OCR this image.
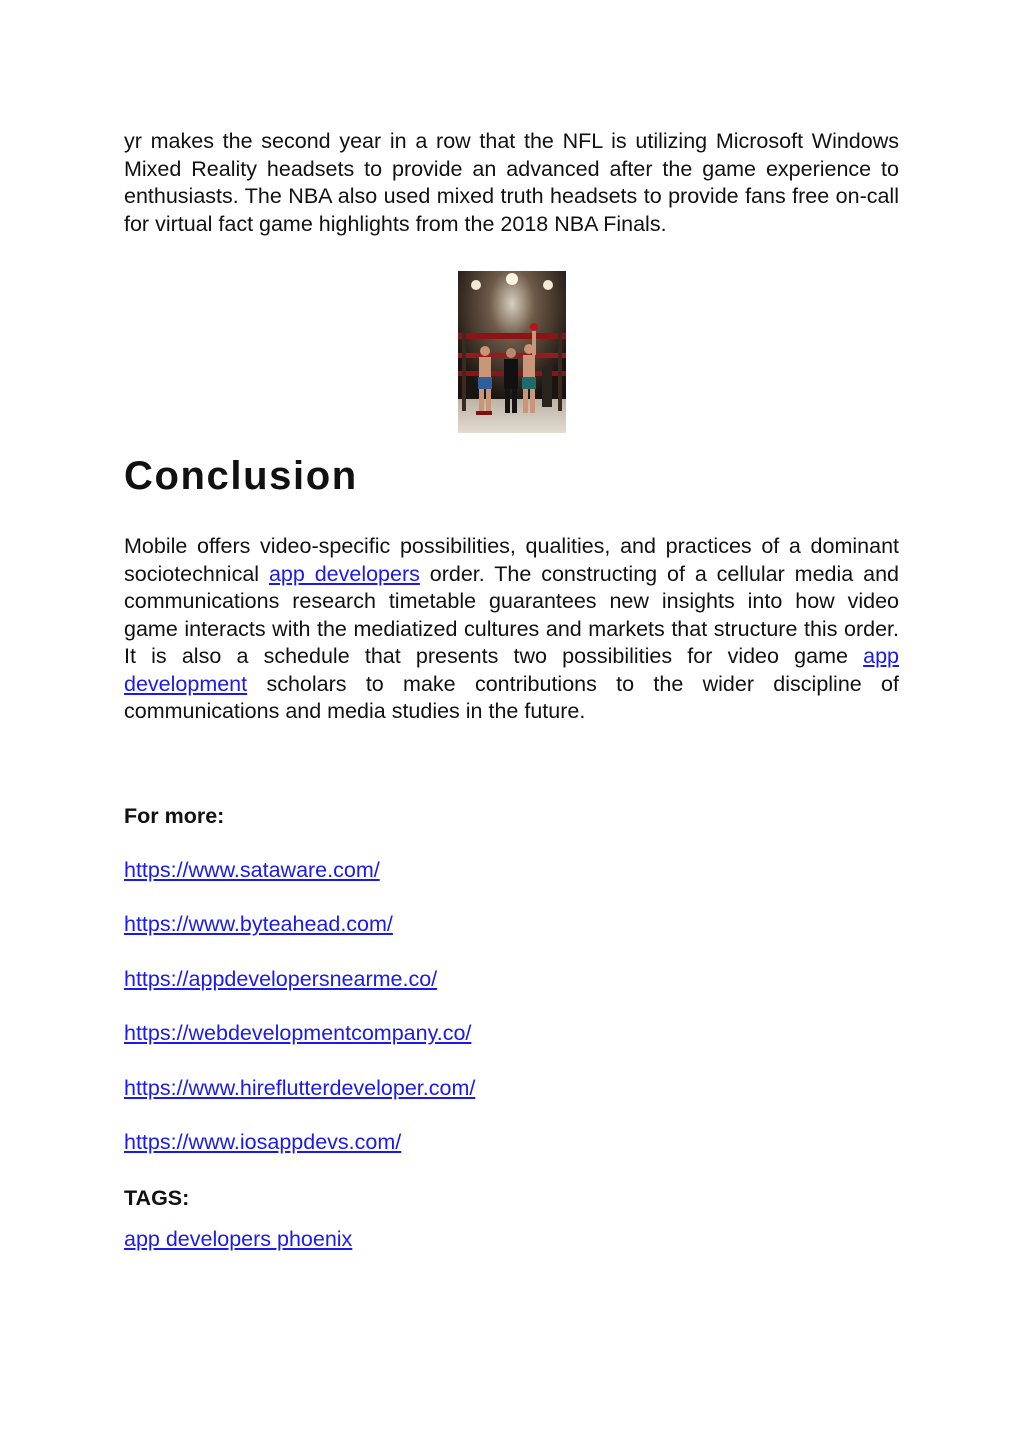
yr makes the second year in a row that the NFL is utilizing Microsoft Windows Mixed Reality headsets to provide an advanced after the game experience to enthusiasts. The NBA also used mixed truth headsets to provide fans free on-call for virtual fact game highlights from the 2018 NBA Finals.

Conclusion

Mobile offers video-specific possibilities, qualities, and practices of a dominant sociotechnical app developers order. The constructing of a cellular media and communications research timetable guarantees new insights into how video game interacts with the mediatized cultures and markets that structure this order. It is also a schedule that presents two possibilities for video game app development scholars to make contributions to the wider discipline of communications and media studies in the future.

For more:

https://www.sataware.com/
https://www.byteahead.com/
https://appdevelopersnearme.co/
https://webdevelopmentcompany.co/
https://www.hireflutterdeveloper.com/
https://www.iosappdevs.com/

TAGS:

app developers phoenix
